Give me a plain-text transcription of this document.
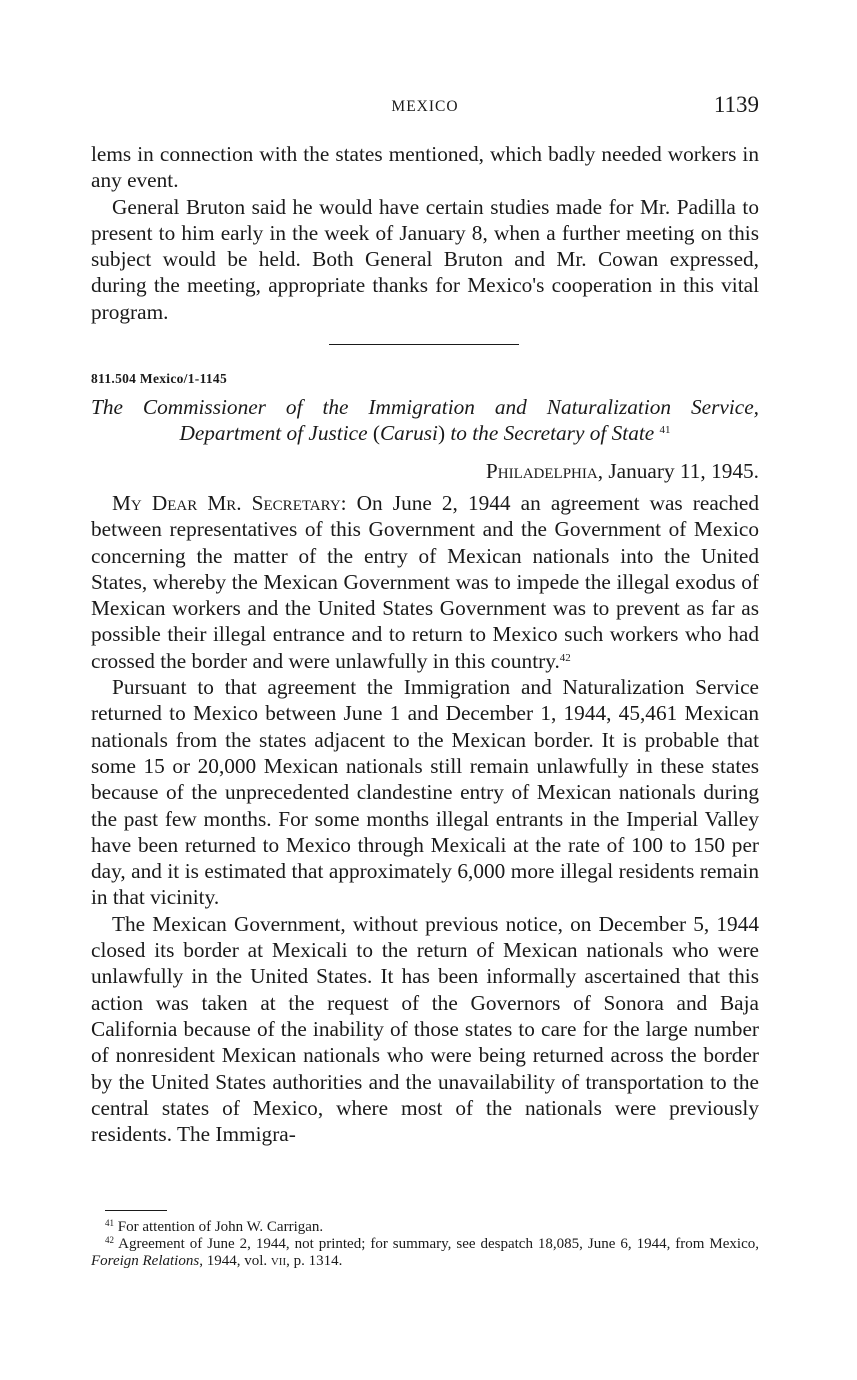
MEXICO	1139

lems in connection with the states mentioned, which badly needed workers in any event.

General Bruton said he would have certain studies made for Mr. Padilla to present to him early in the week of January 8, when a further meeting on this subject would be held. Both General Bruton and Mr. Cowan expressed, during the meeting, appropriate thanks for Mexico's cooperation in this vital program.

811.504 Mexico/1-1145
The Commissioner of the Immigration and Naturalization Service,
Department of Justice (Carusi) to the Secretary of State $^{41}$
Philadelphia, January 11, 1945.

My Dear Mr. Secretary: On June 2, 1944 an agreement was reached between representatives of this Government and the Government of Mexico concerning the matter of the entry of Mexican nationals into the United States, whereby the Mexican Government was to impede the illegal exodus of Mexican workers and the United States Government was to prevent as far as possible their illegal entrance and to return to Mexico such workers who had crossed the border and were unlawfully in this country.$^{42}$

Pursuant to that agreement the Immigration and Naturalization Service returned to Mexico between June 1 and December 1, 1944, 45,461 Mexican nationals from the states adjacent to the Mexican border. It is probable that some 15 or 20,000 Mexican nationals still remain unlawfully in these states because of the unprecedented clandestine entry of Mexican nationals during the past few months. For some months illegal entrants in the Imperial Valley have been returned to Mexico through Mexicali at the rate of 100 to 150 per day, and it is estimated that approximately 6,000 more illegal residents remain in that vicinity.

The Mexican Government, without previous notice, on December 5, 1944 closed its border at Mexicali to the return of Mexican nationals who were unlawfully in the United States. It has been informally ascertained that this action was taken at the request of the Governors of Sonora and Baja California because of the inability of those states to care for the large number of nonresident Mexican nationals who were being returned across the border by the United States authorities and the unavailability of transportation to the central states of Mexico, where most of the nationals were previously residents. The Immigra-

$^{41}$ For attention of John W. Carrigan.

$^{42}$ Agreement of June 2, 1944, not printed; for summary, see despatch 18,085, June 6, 1944, from Mexico, Foreign Relations, 1944, vol. vii, p. 1314.
